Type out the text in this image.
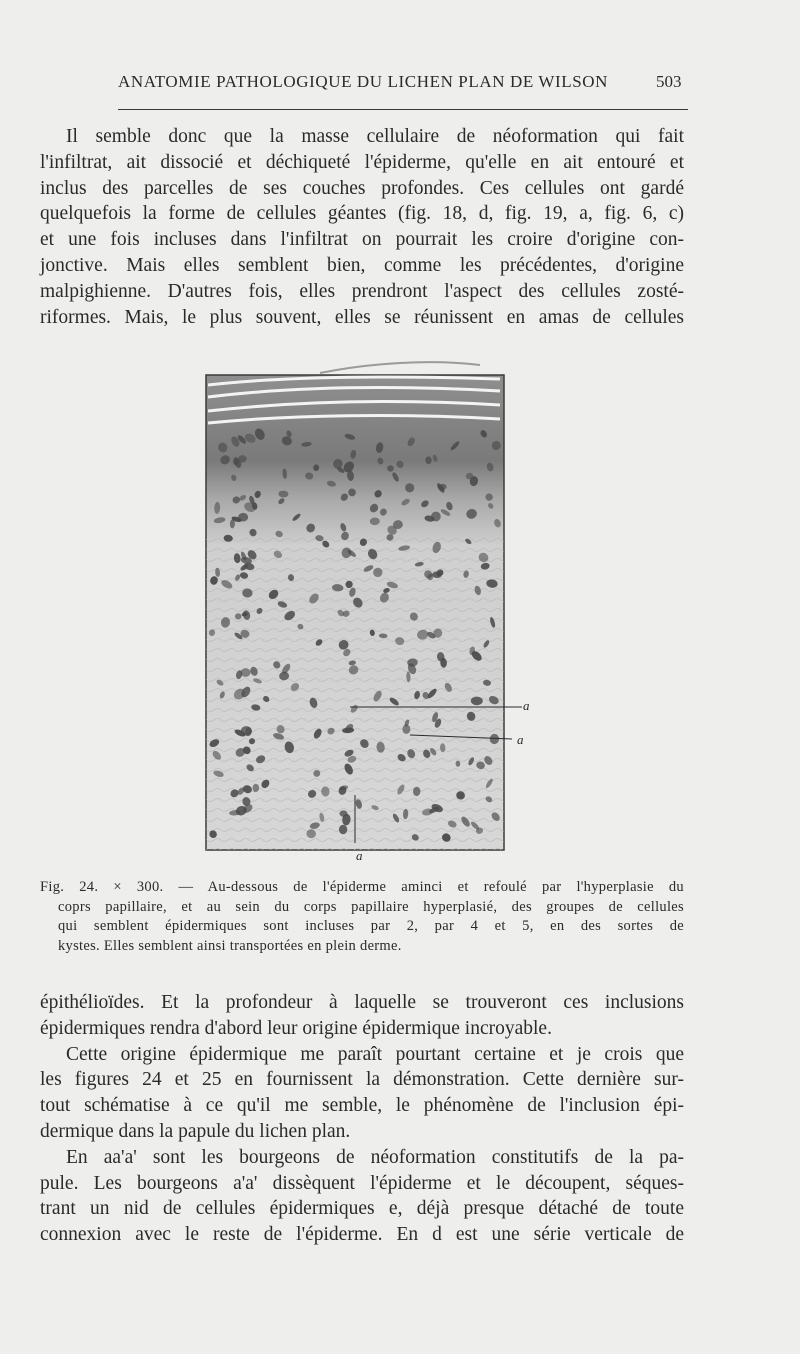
ANATOMIE PATHOLOGIQUE DU LICHEN PLAN DE WILSON	503
Il semble donc que la masse cellulaire de néoformation qui fait
l'infiltrat, ait dissocié et déchiqueté l'épiderme, qu'elle en ait entouré et
inclus des parcelles de ses couches profondes. Ces cellules ont gardé
quelquefois la forme de cellules géantes (fig. 18, d, fig. 19, a, fig. 6, c)
et une fois incluses dans l'infiltrat on pourrait les croire d'origine con-
jonctive. Mais elles semblent bien, comme les précédentes, d'origine
malpighienne. D'autres fois, elles prendront l'aspect des cellules zosté-
riformes. Mais, le plus souvent, elles se réunissent en amas de cellules
a
a
a
Fig. 24. × 300. — Au-dessous de l'épiderme aminci et refoulé par l'hyperplasie du
coprs papillaire, et au sein du corps papillaire hyperplasié, des groupes de cellules
qui semblent épidermiques sont incluses par 2, par 4 et 5, en des sortes de
kystes. Elles semblent ainsi transportées en plein derme.
épithélioïdes. Et la profondeur à laquelle se trouveront ces inclusions
épidermiques rendra d'abord leur origine épidermique incroyable.
Cette origine épidermique me paraît pourtant certaine et je crois que
les figures 24 et 25 en fournissent la démonstration. Cette dernière sur-
tout schématise à ce qu'il me semble, le phénomène de l'inclusion épi-
dermique dans la papule du lichen plan.
En aa'a' sont les bourgeons de néoformation constitutifs de la pa-
pule. Les bourgeons a'a' dissèquent l'épiderme et le découpent, séques-
trant un nid de cellules épidermiques e, déjà presque détaché de toute
connexion avec le reste de l'épiderme. En d est une série verticale de
